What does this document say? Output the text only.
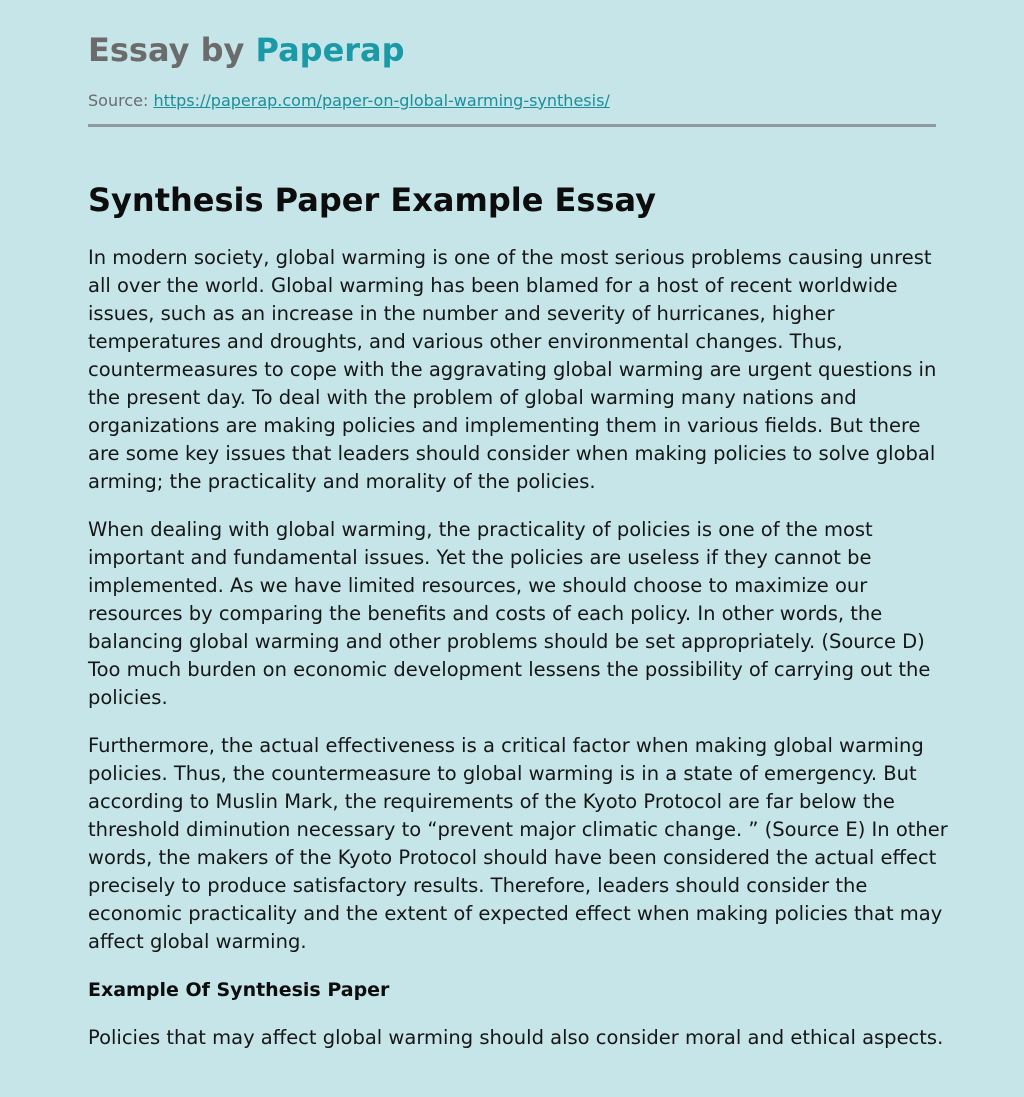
Essay by Paperap
Source: https://paperap.com/paper-on-global-warming-synthesis/
Synthesis Paper Example Essay

In modern society, global warming is one of the most serious problems causing unrest all over the world. Global warming has been blamed for a host of recent worldwide issues, such as an increase in the number and severity of hurricanes, higher temperatures and droughts, and various other environmental changes. Thus, countermeasures to cope with the aggravating global warming are urgent questions in the present day. To deal with the problem of global warming many nations and organizations are making policies and implementing them in various fields. But there are some key issues that leaders should consider when making policies to solve global arming; the practicality and morality of the policies.

When dealing with global warming, the practicality of policies is one of the most important and fundamental issues. Yet the policies are useless if they cannot be implemented. As we have limited resources, we should choose to maximize our resources by comparing the benefits and costs of each policy. In other words, the balancing global warming and other problems should be set appropriately. (Source D) Too much burden on economic development lessens the possibility of carrying out the policies.

Furthermore, the actual effectiveness is a critical factor when making global warming policies. Thus, the countermeasure to global warming is in a state of emergency. But according to Muslin Mark, the requirements of the Kyoto Protocol are far below the threshold diminution necessary to “prevent major climatic change. ” (Source E) In other words, the makers of the Kyoto Protocol should have been considered the actual effect precisely to produce satisfactory results. Therefore, leaders should consider the economic practicality and the extent of expected effect when making policies that may affect global warming.

Example Of Synthesis Paper

Policies that may affect global warming should also consider moral and ethical aspects.
